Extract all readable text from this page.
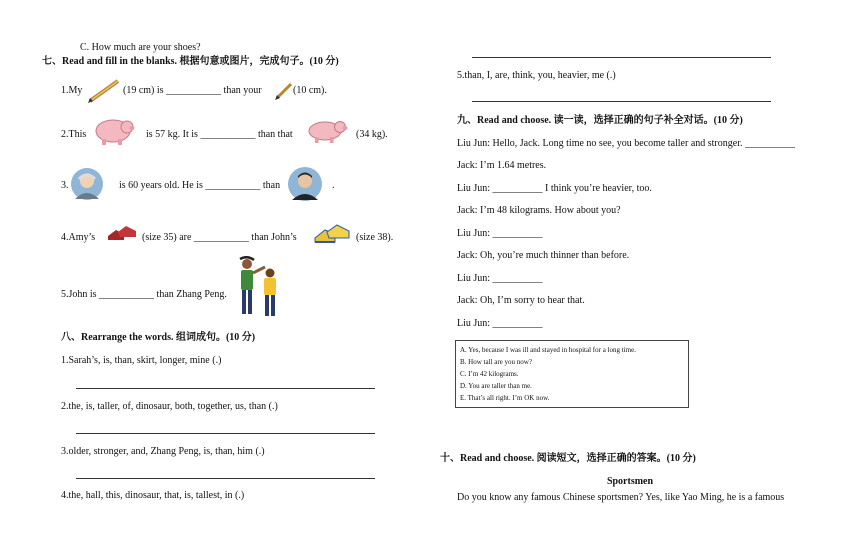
C. How much are your shoes?
七、Read and fill in the blanks. 根据句意或图片，完成句子。(10 分)
1.My	(19 cm) is ___________ than your	(10 cm).
2.This	is 57 kg. It is ___________ than that	(34 kg).
3.	is 60 years old. He is ___________ than	.
4.Amy’s	(size 35) are ___________ than John’s	(size 38).
5.John is ___________ than Zhang Peng.
八、Rearrange the words. 组词成句。(10 分)
1.Sarah’s, is, than, skirt, longer, mine (.)
2.the, is, taller, of, dinosaur, both, together, us, than (.)
3.older, stronger, and, Zhang Peng, is, than, him (.)
4.the, hall, this, dinosaur, that, is, tallest, in (.)
5.than, I, are, think, you, heavier, me (.)
九、Read and choose. 读一读，选择正确的句子补全对话。(10 分)
Liu Jun: Hello, Jack. Long time no see, you become taller and stronger. __________
Jack: I’m 1.64 metres.
Liu Jun: __________ I think you’re heavier, too.
Jack: I’m 48 kilograms. How about you?
Liu Jun: __________
Jack: Oh, you’re much thinner than before.
Liu Jun: __________
Jack: Oh, I’m sorry to hear that.
Liu Jun: __________
A. Yes, because I was ill and stayed in hospital for a long time.
B. How tall are you now?
C. I’m 42 kilograms.
D. You are taller than me.
E. That’s all right. I’m OK now.
十、Read and choose. 阅读短文，选择正确的答案。(10 分)
Sportsmen
Do you know any famous Chinese sportsmen? Yes, like Yao Ming, he is a famous
